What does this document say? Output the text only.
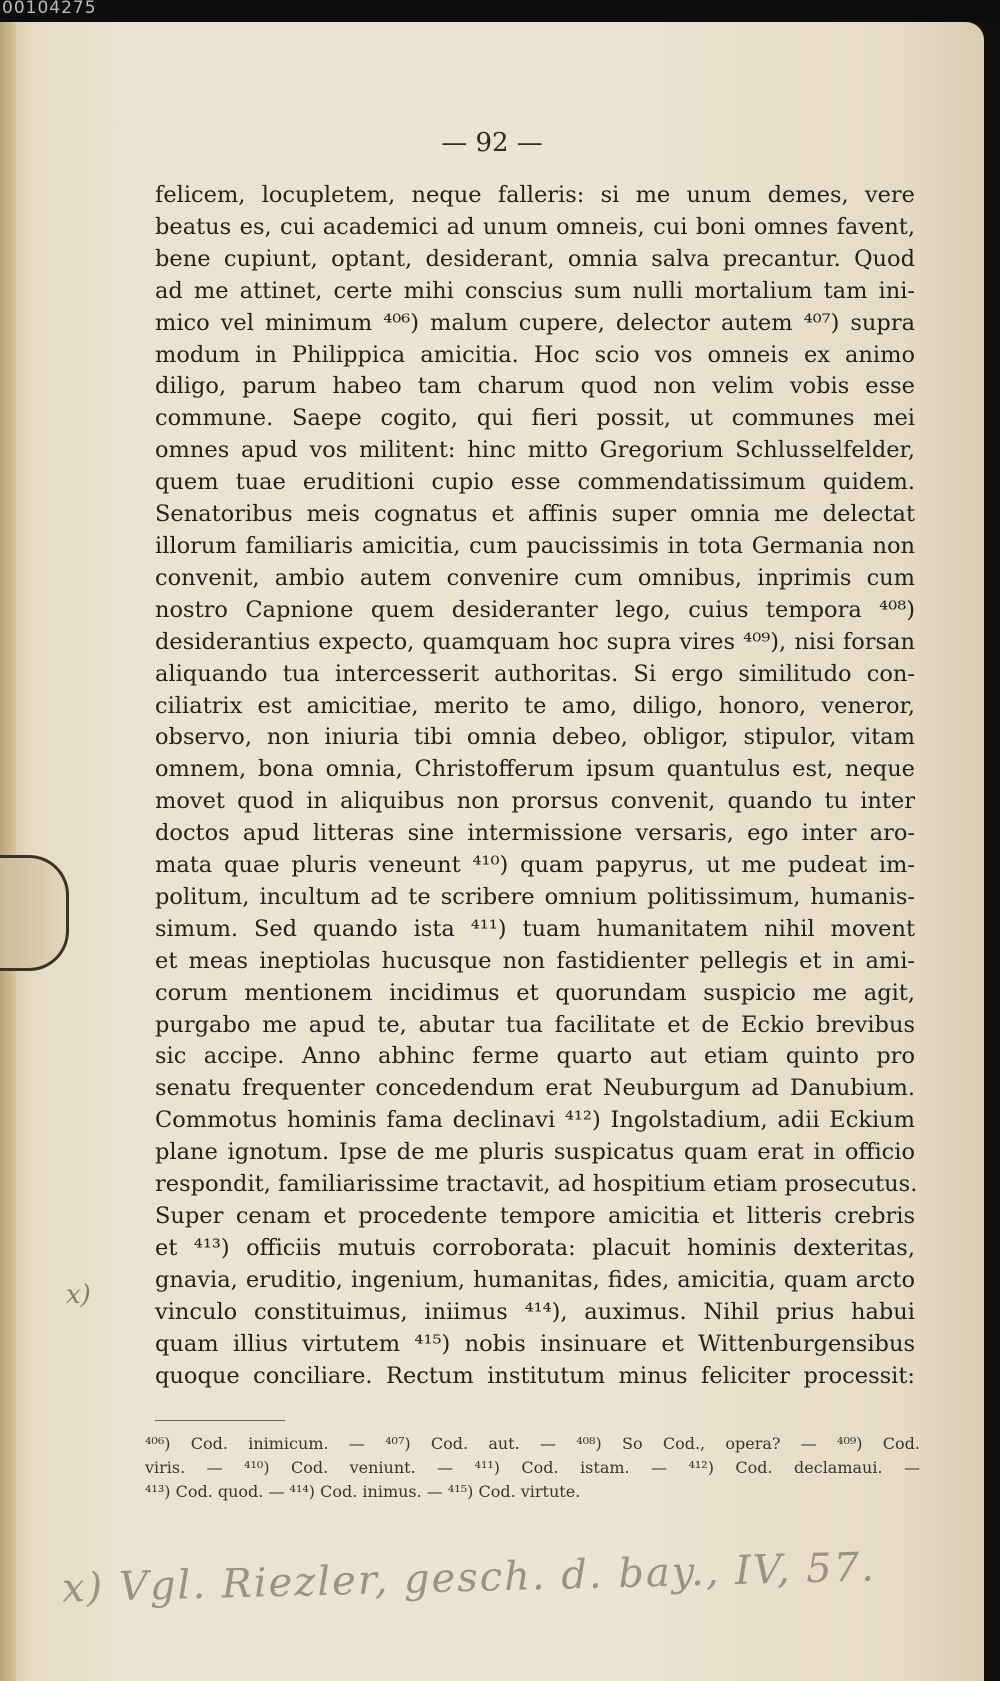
00104275
— 92 —
felicem, locupletem, neque falleris: si me unum demes, vere
beatus es, cui academici ad unum omneis, cui boni omnes favent,
bene cupiunt, optant, desiderant, omnia salva precantur. Quod
ad me attinet, certe mihi conscius sum nulli mortalium tam ini-
mico vel minimum ⁴⁰⁶) malum cupere, delector autem ⁴⁰⁷) supra
modum in Philippica amicitia. Hoc scio vos omneis ex animo
diligo, parum habeo tam charum quod non velim vobis esse
commune. Saepe cogito, qui fieri possit, ut communes mei
omnes apud vos militent: hinc mitto Gregorium Schlusselfelder,
quem tuae eruditioni cupio esse commendatissimum quidem.
Senatoribus meis cognatus et affinis super omnia me delectat
illorum familiaris amicitia, cum paucissimis in tota Germania non
convenit, ambio autem convenire cum omnibus, inprimis cum
nostro Capnione quem desideranter lego, cuius tempora ⁴⁰⁸)
desiderantius expecto, quamquam hoc supra vires ⁴⁰⁹), nisi forsan
aliquando tua intercesserit authoritas. Si ergo similitudo con-
ciliatrix est amicitiae, merito te amo, diligo, honoro, veneror,
observo, non iniuria tibi omnia debeo, obligor, stipulor, vitam
omnem, bona omnia, Christofferum ipsum quantulus est, neque
movet quod in aliquibus non prorsus convenit, quando tu inter
doctos apud litteras sine intermissione versaris, ego inter aro-
mata quae pluris veneunt ⁴¹⁰) quam papyrus, ut me pudeat im-
politum, incultum ad te scribere omnium politissimum, humanis-
simum. Sed quando ista ⁴¹¹) tuam humanitatem nihil movent
et meas ineptiolas hucusque non fastidienter pellegis et in ami-
corum mentionem incidimus et quorundam suspicio me agit,
purgabo me apud te, abutar tua facilitate et de Eckio brevibus
sic accipe. Anno abhinc ferme quarto aut etiam quinto pro
senatu frequenter concedendum erat Neuburgum ad Danubium.
Commotus hominis fama declinavi ⁴¹²) Ingolstadium, adii Eckium
plane ignotum. Ipse de me pluris suspicatus quam erat in officio
respondit, familiarissime tractavit, ad hospitium etiam prosecutus.
Super cenam et procedente tempore amicitia et litteris crebris
et ⁴¹³) officiis mutuis corroborata: placuit hominis dexteritas,
gnavia, eruditio, ingenium, humanitas, fides, amicitia, quam arcto
vinculo constituimus, iniimus ⁴¹⁴), auximus. Nihil prius habui
quam illius virtutem ⁴¹⁵) nobis insinuare et Wittenburgensibus
quoque conciliare. Rectum institutum minus feliciter processit:
⁴⁰⁶) Cod. inimicum. — ⁴⁰⁷) Cod. aut. — ⁴⁰⁸) So Cod., opera? — ⁴⁰⁹) Cod.
viris. — ⁴¹⁰) Cod. veniunt. — ⁴¹¹) Cod. istam. — ⁴¹²) Cod. declamaui. —
⁴¹³) Cod. quod. — ⁴¹⁴) Cod. inimus. — ⁴¹⁵) Cod. virtute.
x)
x) Vgl. Riezler, gesch. d. bay., IV, 57.
